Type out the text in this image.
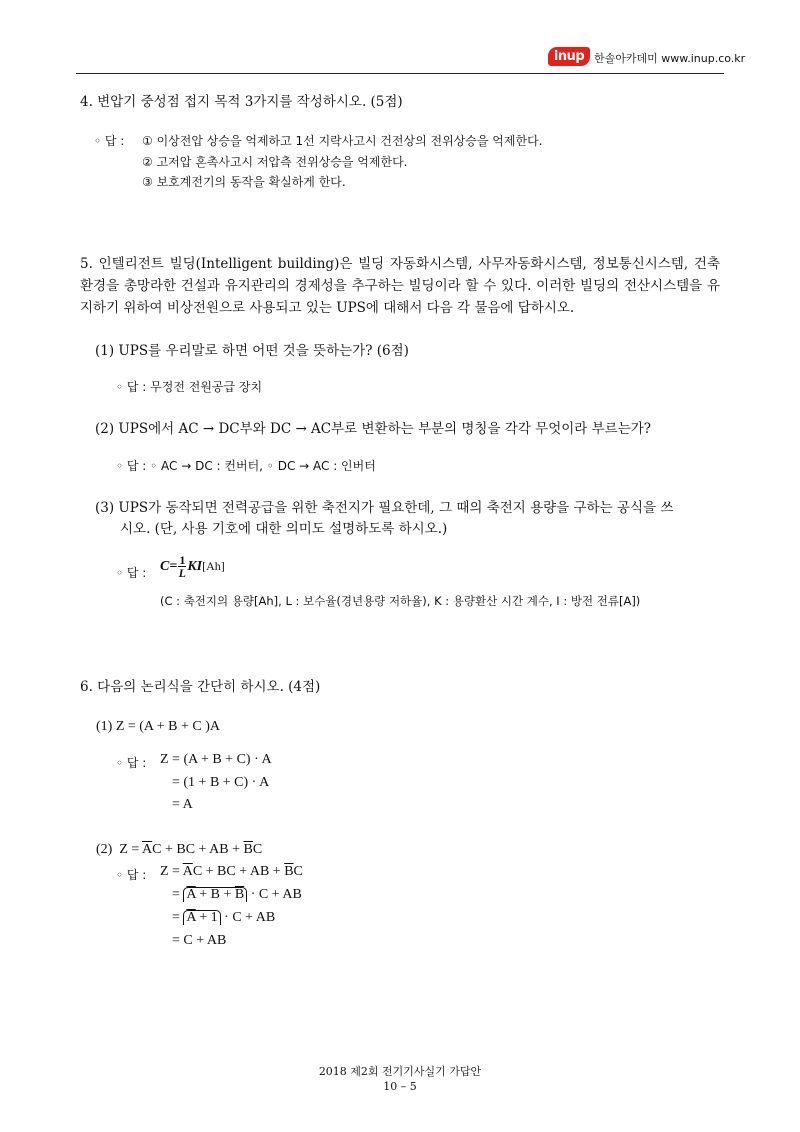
inup 한솔아카데미 www.inup.co.kr
4. 변압기 중성점 접지 목적 3가지를 작성하시오. (5점)
◦ 답 : ① 이상전압 상승을 억제하고 1선 지락사고시 건전상의 전위상승을 억제한다.
② 고저압 혼촉사고시 저압측 전위상승을 억제한다.
③ 보호계전기의 동작을 확실하게 한다.
5. 인텔리전트 빌딩(Intelligent building)은 빌딩 자동화시스템, 사무자동화시스템, 정보통신시스템, 건축 환경을 총망라한 건설과 유지관리의 경제성을 추구하는 빌딩이라 할 수 있다. 이러한 빌딩의 전산시스템을 유지하기 위하여 비상전원으로 사용되고 있는 UPS에 대해서 다음 각 물음에 답하시오.
(1) UPS를 우리말로 하면 어떤 것을 뜻하는가? (6점)
◦ 답 : 무정전 전원공급 장치
(2) UPS에서 AC → DC부와 DC → AC부로 변환하는 부분의 명칭을 각각 무엇이라 부르는가?
◦ 답 : ◦ AC → DC : 컨버터, ◦ DC → AC : 인버터
(3) UPS가 동작되면 전력공급을 위한 축전지가 필요한데, 그 때의 축전지 용량을 구하는 공식을 쓰
시오. (단, 사용 기호에 대한 의미도 설명하도록 하시오.)
◦ 답 : $C= \frac{1}{L}$ KI [Ah]
(C : 축전지의 용량[Ah], L : 보수율(경년용량 저하율), K : 용량환산 시간 계수, I : 방전 전류[A])
6. 다음의 논리식을 간단히 하시오. (4점)
(1) Z = (A + B + C )A
◦ 답 : Z = (A + B + C) · A
= (1 + B + C) · A
= A
(2)  $Z = \overline{A}C$ + BC + AB + $\overline{B}C$
◦ 답 : $Z = \overline{A}C$ + BC + AB + $\overline{B}C$
= $\overline{A} + B + \overline{B} \cdot C$ + AB
= $\overline{A} + 1 \cdot C$ + AB
= C + AB
2018 제2회 전기기사실기 가답안
10 – 5
